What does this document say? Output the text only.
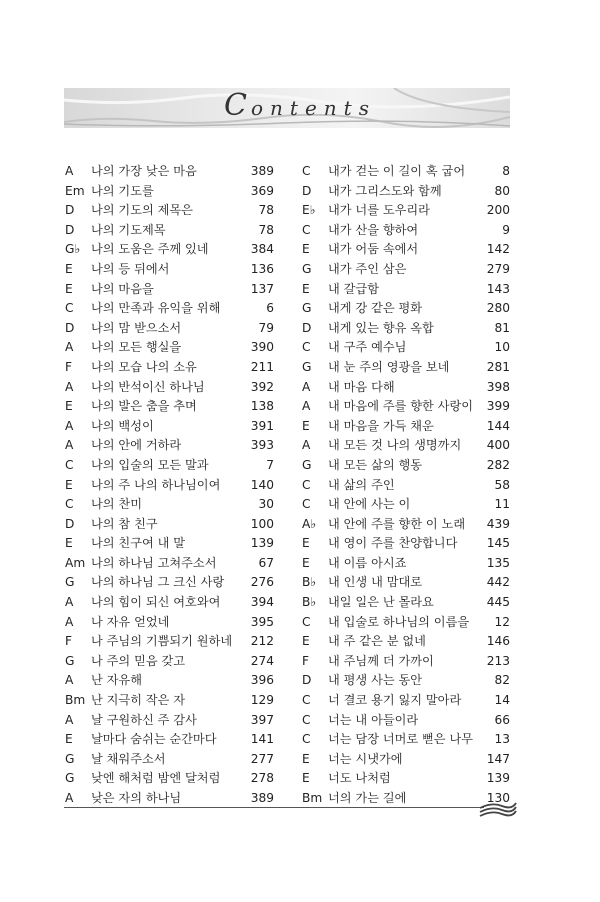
Contents
A 나의 가장 낮은 마음	389
Em 나의 기도를	369
D 나의 기도의 제목은	78
D 나의 기도제목	78
G♭ 나의 도움은 주께 있네	384
E 나의 등 뒤에서	136
E 나의 마음을	137
C 나의 만족과 유익을 위해	6
D 나의 맘 받으소서	79
A 나의 모든 행실을	390
F 나의 모습 나의 소유	211
A 나의 반석이신 하나님	392
E 나의 발은 춤을 추며	138
A 나의 백성이	391
A 나의 안에 거하라	393
C 나의 입술의 모든 말과	7
E 나의 주 나의 하나님이여 140
C 나의 찬미	30
D 나의 참 친구	100
E 나의 친구여 내 말	139
Am 나의 하나님 고쳐주소서	67
G 나의 하나님 그 크신 사랑 276
A 나의 힘이 되신 여호와여 394
A 나 자유 얻었네	395
F 나 주님의 기쁨되기 원하네 212
G 나 주의 믿음 갖고	274
A 난 자유해	396
Bm 난 지극히 작은 자	129
A 날 구원하신 주 감사	397
E 날마다 숨쉬는 순간마다	141
G 날 채워주소서	277
G 낮엔 해처럼 밤엔 달처럼 278
A 낮은 자의 하나님	389
C 내가 걷는 이 길이 혹 굽어	8
D 내가 그리스도와 함께	80
E♭ 내가 너를 도우리라	200
C 내가 산을 향하여	9
E 내가 어둠 속에서	142
G 내가 주인 삼은	279
E 내 갈급함	143
G 내게 강 같은 평화	280
D 내게 있는 향유 옥합	81
C 내 구주 예수님	10
G 내 눈 주의 영광을 보네	281
A 내 마음 다해	398
A 내 마음에 주를 향한 사랑이 399
E 내 마음을 가득 채운	144
A 내 모든 것 나의 생명까지 400
G 내 모든 삶의 행동	282
C 내 삶의 주인	58
C 내 안에 사는 이	11
A♭ 내 안에 주를 향한 이 노래 439
E 내 영이 주를 찬양합니다 145
E 내 이름 아시죠	135
B♭ 내 인생 내 맘대로	442
B♭ 내일 일은 난 몰라요	445
C 내 입술로 하나님의 이름을 12
E 내 주 같은 분 없네	146
F 내 주님께 더 가까이	213
D 내 평생 사는 동안	82
C 너 결코 용기 잃지 말아라	14
C 너는 내 아들이라	66
C 너는 담장 너머로 뻗은 나무 13
E 너는 시냇가에	147
E 너도 나처럼	139
Bm 너의 가는 길에	130
